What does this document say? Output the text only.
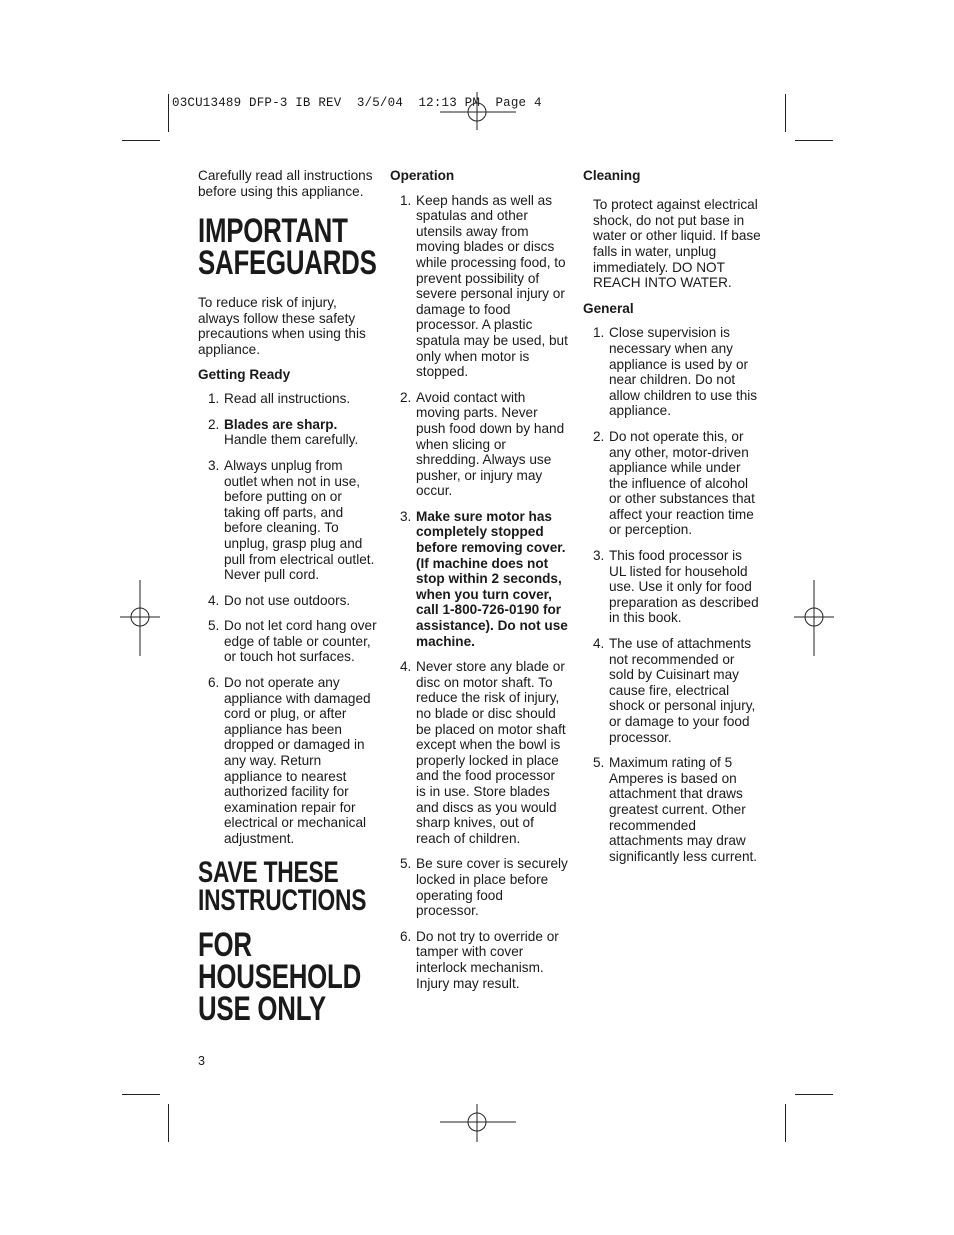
03CU13489 DFP-3 IB REV  3/5/04  12:13 PM  Page 4

Carefully read all instructions before using this appliance.

IMPORTANT SAFEGUARDS

To reduce risk of injury, always follow these safety precautions when using this appliance.

Getting Ready
1. Read all instructions.
2. Blades are sharp.
Handle them carefully.
3. Always unplug from outlet when not in use, before putting on or taking off parts, and before cleaning. To unplug, grasp plug and pull from electrical outlet. Never pull cord.
4. Do not use outdoors.
5. Do not let cord hang over edge of table or counter, or touch hot surfaces.
6. Do not operate any appliance with damaged cord or plug, or after appliance has been dropped or damaged in any way. Return appliance to nearest authorized facility for examination repair for electrical or mechanical adjustment.
SAVE THESE INSTRUCTIONS
FOR HOUSEHOLD USE ONLY
Operation
1. Keep hands as well as spatulas and other utensils away from moving blades or discs while processing food, to prevent possibility of severe personal injury or damage to food processor. A plastic spatula may be used, but only when motor is stopped.
2. Avoid contact with moving parts. Never push food down by hand when slicing or shredding. Always use pusher, or injury may occur.
3. Make sure motor has completely stopped before removing cover. (If machine does not stop within 2 seconds, when you turn cover, call 1-800-726-0190 for assistance). Do not use machine.
4. Never store any blade or disc on motor shaft. To reduce the risk of injury, no blade or disc should be placed on motor shaft except when the bowl is properly locked in place and the food processor is in use. Store blades and discs as you would sharp knives, out of reach of children.
5. Be sure cover is securely locked in place before operating food processor.
6. Do not try to override or tamper with cover interlock mechanism. Injury may result.
Cleaning

To protect against electrical shock, do not put base in water or other liquid. If base falls in water, unplug immediately. DO NOT REACH INTO WATER.

General
1. Close supervision is necessary when any appliance is used by or near children. Do not allow children to use this appliance.
2. Do not operate this, or any other, motor-driven appliance while under the influence of alcohol or other substances that affect your reaction time or perception.
3. This food processor is UL listed for household use. Use it only for food preparation as described in this book.
4. The use of attachments not recommended or sold by Cuisinart may cause fire, electrical shock or personal injury, or damage to your food processor.
5. Maximum rating of 5 Amperes is based on attachment that draws greatest current. Other recommended attachments may draw significantly less current.
3
